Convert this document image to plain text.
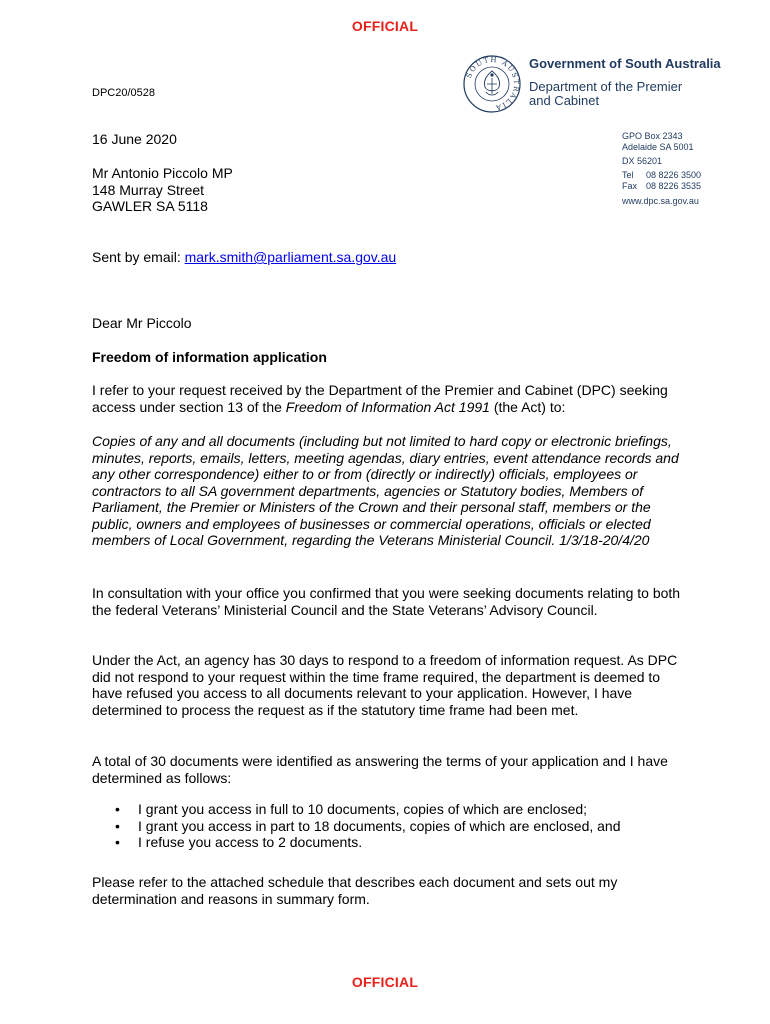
OFFICIAL
DPC20/0528
SOUTH AUSTRALIA
Government of South Australia
Department of the Premier
and Cabinet
GPO Box 2343
Adelaide SA 5001
DX 56201
Tel 08 8226 3500
Fax 08 8226 3535
www.dpc.sa.gov.au
16 June 2020
Mr Antonio Piccolo MP
148 Murray Street
GAWLER SA 5118
Sent by email: mark.smith@parliament.sa.gov.au
Dear Mr Piccolo
Freedom of information application
I refer to your request received by the Department of the Premier and Cabinet (DPC) seeking access under section 13 of the Freedom of Information Act 1991 (the Act) to:
Copies of any and all documents (including but not limited to hard copy or electronic briefings, minutes, reports, emails, letters, meeting agendas, diary entries, event attendance records and any other correspondence) either to or from (directly or indirectly) officials, employees or contractors to all SA government departments, agencies or Statutory bodies, Members of Parliament, the Premier or Ministers of the Crown and their personal staff, members or the public, owners and employees of businesses or commercial operations, officials or elected members of Local Government, regarding the Veterans Ministerial Council. 1/3/18-20/4/20
In consultation with your office you confirmed that you were seeking documents relating to both the federal Veterans’ Ministerial Council and the State Veterans’ Advisory Council.
Under the Act, an agency has 30 days to respond to a freedom of information request. As DPC did not respond to your request within the time frame required, the department is deemed to have refused you access to all documents relevant to your application. However, I have determined to process the request as if the statutory time frame had been met.
A total of 30 documents were identified as answering the terms of your application and I have determined as follows:
• I grant you access in full to 10 documents, copies of which are enclosed;
• I grant you access in part to 18 documents, copies of which are enclosed, and
• I refuse you access to 2 documents.
Please refer to the attached schedule that describes each document and sets out my determination and reasons in summary form.
OFFICIAL
